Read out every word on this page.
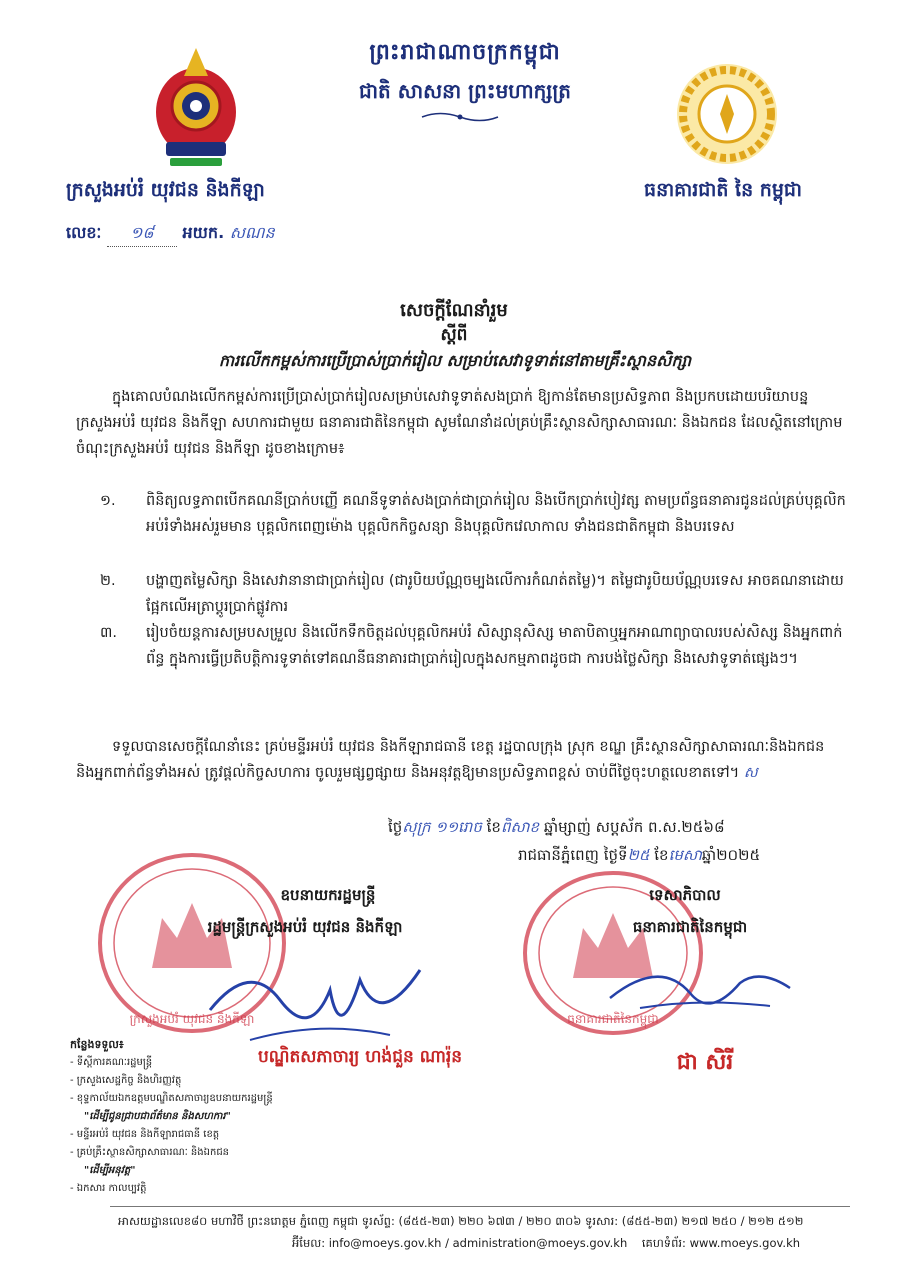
ព្រះរាជាណាចក្រកម្ពុជា
ជាតិ សាសនា ព្រះមហាក្សត្រ
ក្រសួងអប់រំ យុវជន និងកីឡា	ធនាគារជាតិ នៃ កម្ពុជា
លេខៈ ១៨ អយក. សណន
សេចក្តីណែនាំរួម
ស្តីពី
ការលើកកម្ពស់ការប្រើប្រាស់ប្រាក់រៀល សម្រាប់សេវាទូទាត់នៅតាមគ្រឹះស្ថានសិក្សា
ក្នុងគោលបំណងលើកកម្ពស់ការប្រើប្រាស់ប្រាក់រៀលសម្រាប់សេវាទូទាត់សងប្រាក់ ឱ្យកាន់តែមានប្រសិទ្ធភាព និងប្រកបដោយបរិយាបន្ន ក្រសួងអប់រំ យុវជន និងកីឡា សហការជាមួយ ធនាគារជាតិនៃកម្ពុជា សូមណែនាំដល់គ្រប់គ្រឹះស្ថានសិក្សាសាធារណៈ និងឯកជន ដែលស្ថិតនៅក្រោមចំណុះក្រសួងអប់រំ យុវជន និងកីឡា ដូចខាងក្រោម៖
១. ពិនិត្យលទ្ធភាពបើកគណនីប្រាក់បញ្ញើ គណនីទូទាត់សងប្រាក់ជាប្រាក់រៀល និងបើកប្រាក់បៀវត្ស តាមប្រព័ន្ធធនាគារជូនដល់គ្រប់បុគ្គលិកអប់រំទាំងអស់រួមមាន បុគ្គលិកពេញម៉ោង បុគ្គលិកកិច្ចសន្យា និងបុគ្គលិកវេលាកាល ទាំងជនជាតិកម្ពុជា និងបរទេស
២. បង្ហាញតម្លៃសិក្សា និងសេវានានាជាប្រាក់រៀល (ជារូបិយប័ណ្ណចម្បងលើការកំណត់តម្លៃ)។ តម្លៃជារូបិយប័ណ្ណបរទេស អាចគណនាដោយផ្អែកលើអត្រាប្តូរប្រាក់ផ្លូវការ
៣. រៀបចំយន្តការសម្របសម្រួល និងលើកទឹកចិត្តដល់បុគ្គលិកអប់រំ សិស្សានុសិស្ស មាតាបិតាឬអ្នកអាណាព្យាបាលរបស់សិស្ស និងអ្នកពាក់ព័ន្ធ ក្នុងការធ្វើប្រតិបត្តិការទូទាត់ទៅគណនីធនាគារជាប្រាក់រៀលក្នុងសកម្មភាពដូចជា ការបង់ថ្លៃសិក្សា និងសេវាទូទាត់ផ្សេងៗ។
ទទួលបានសេចក្តីណែនាំនេះ គ្រប់មន្ទីរអប់រំ យុវជន និងកីឡារាជធានី ខេត្ត រដ្ឋបាលក្រុង ស្រុក ខណ្ឌ គ្រឹះស្ថានសិក្សាសាធារណៈនិងឯកជន និងអ្នកពាក់ព័ន្ធទាំងអស់ ត្រូវផ្តល់កិច្ចសហការ ចូលរួមផ្សព្វផ្សាយ និងអនុវត្តឱ្យមានប្រសិទ្ធភាពខ្ពស់ ចាប់ពីថ្ងៃចុះហត្ថលេខាតទៅ។ ស
ថ្ងៃសុក្រ ១១រោច ខែពិសាខ ឆ្នាំម្សាញ់ សប្តស័ក ព.ស.២៥៦៨
រាជធានីភ្នំពេញ ថ្ងៃទី២៥ ខែមេសាឆ្នាំ២០២៥
ក្រសួងអប់រំ យុវជន និងកីឡា	ធនាគារជាតិនៃកម្ពុជា
ឧបនាយករដ្ឋមន្ត្រី
រដ្ឋមន្ត្រីក្រសួងអប់រំ យុវជន និងកីឡា
ទេសាភិបាល
ធនាគារជាតិនៃកម្ពុជា
បណ្ឌិតសភាចារ្យ ហង់ជួន ណារ៉ុន	ជា សិរី
កន្លែងទទួល៖
- ទីស្តីការគណៈរដ្ឋមន្ត្រី
- ក្រសួងសេដ្ឋកិច្ច និងហិរញ្ញវត្ថុ
- ខុទ្ទកាល័យឯកឧត្តមបណ្ឌិតសភាចារ្យឧបនាយករដ្ឋមន្ត្រី
"ដើម្បីជូនជ្រាបជាព័ត៌មាន និងសហការ"
- មន្ទីរអប់រំ យុវជន និងកីឡារាជធានី ខេត្ត
- គ្រប់គ្រឹះស្ថានសិក្សាសាធារណៈ និងឯកជន
"ដើម្បីអនុវត្ត"
- ឯកសារ កាលប្បវត្តិ
អាសយដ្ឋានលេខ៨០ មហាវិថី ព្រះនរោត្តម ភ្នំពេញ កម្ពុជា ទូរស័ព្ទ: (៨៥៥-២៣) ២២០ ៦៧៣ / ២២០ ៣០៦ ទូរសារ: (៨៥៥-២៣) ២១៧ ២៥០ / ២១២ ៥១២
អ៊ីមែល: info@moeys.gov.kh / administration@moeys.gov.kh គេហទំព័រ: www.moeys.gov.kh
